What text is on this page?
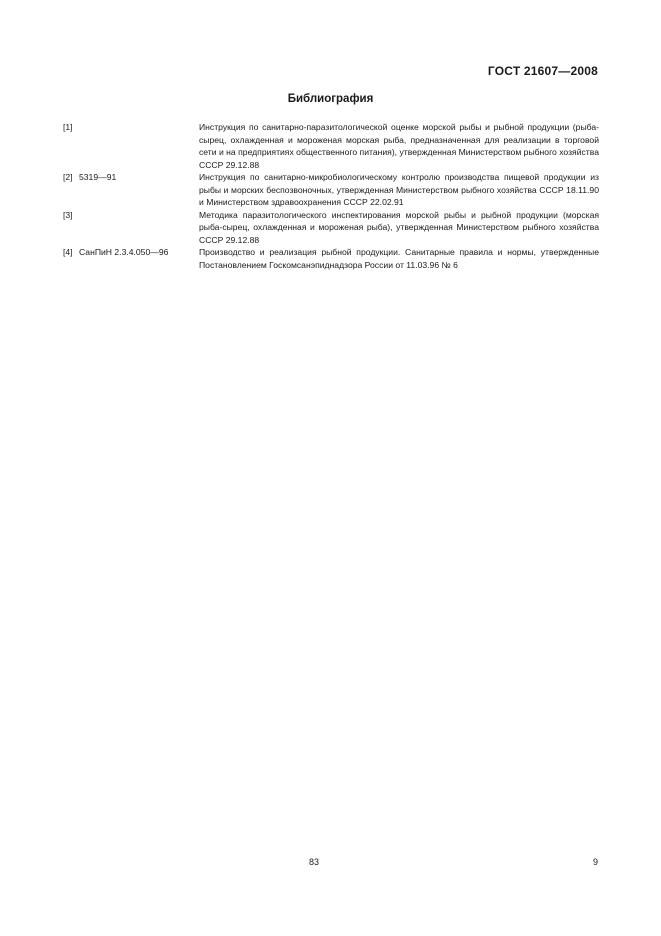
ГОСТ 21607—2008
Библиография
[1]	Инструкция по санитарно-паразитологической оценке морской рыбы и рыбной продукции (рыба-сырец, охлажденная и мороженая морская рыба, предназначенная для реализации в торговой сети и на предприятиях общественного питания), утвержденная Министерством рыбного хозяйства СССР 29.12.88
[2] 5319—91	Инструкция по санитарно-микробиологическому контролю производства пищевой продукции из рыбы и морских беспозвоночных, утвержденная Министерством рыбного хозяйства СССР 18.11.90 и Министерством здравоохранения СССР 22.02.91
[3]	Методика паразитологического инспектирования морской рыбы и рыбной продукции (морская рыба-сырец, охлажденная и мороженая рыба), утвержденная Министерством рыбного хозяйства СССР 29.12.88
[4] СанПиН 2.3.4.050—96	Производство и реализация рыбной продукции. Санитарные правила и нормы, утвержденные Постановлением Госкомсанэпиднадзора России от 11.03.96 № 6
83	9
